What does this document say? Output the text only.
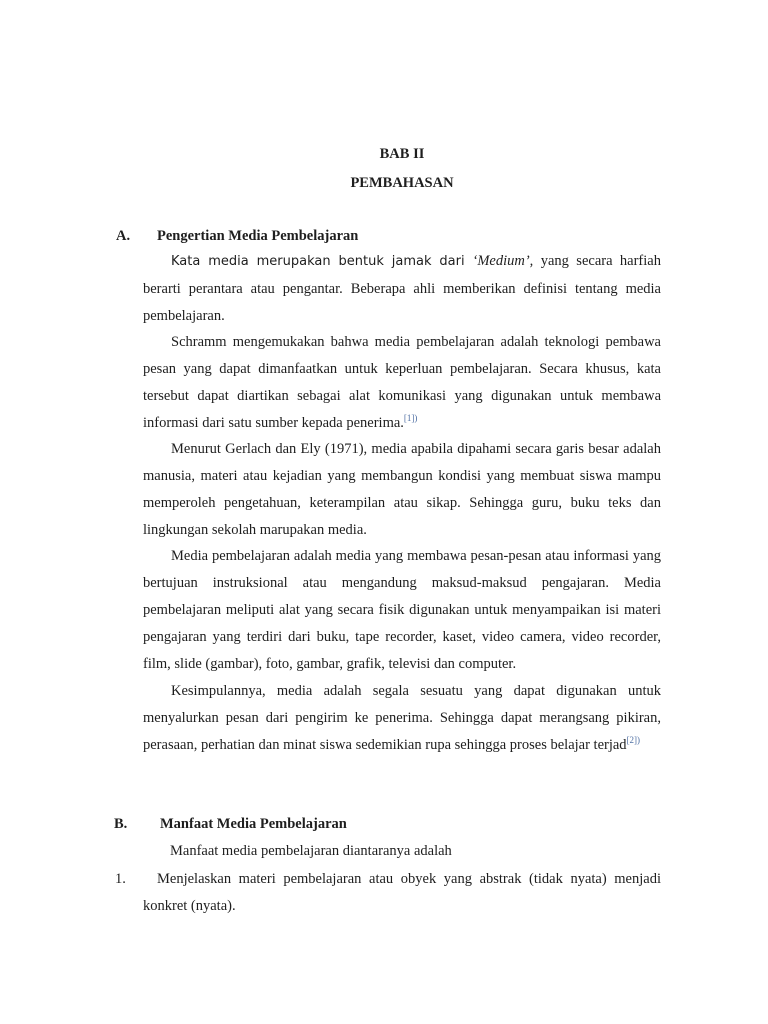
BAB II
PEMBAHASAN
A. Pengertian Media Pembelajaran
Kata media merupakan bentuk jamak dari ‘Medium’, yang secara harfiah berarti perantara atau pengantar. Beberapa ahli memberikan definisi tentang media pembelajaran.
Schramm mengemukakan bahwa media pembelajaran adalah teknologi pembawa pesan yang dapat dimanfaatkan untuk keperluan pembelajaran. Secara khusus, kata tersebut dapat diartikan sebagai alat komunikasi yang digunakan untuk membawa informasi dari satu sumber kepada penerima.$^{[1])}$
Menurut Gerlach dan Ely (1971), media apabila dipahami secara garis besar adalah manusia, materi atau kejadian yang membangun kondisi yang membuat siswa mampu memperoleh pengetahuan, keterampilan atau sikap. Sehingga guru, buku teks dan lingkungan sekolah marupakan media.
Media pembelajaran adalah media yang membawa pesan-pesan atau informasi yang bertujuan instruksional atau mengandung maksud-maksud pengajaran. Media pembelajaran meliputi alat yang secara fisik digunakan untuk menyampaikan isi materi pengajaran yang terdiri dari buku, tape recorder, kaset, video camera, video recorder, film, slide (gambar), foto, gambar, grafik, televisi dan computer.
Kesimpulannya, media adalah segala sesuatu yang dapat digunakan untuk menyalurkan pesan dari pengirim ke penerima. Sehingga dapat merangsang pikiran, perasaan, perhatian dan minat siswa sedemikian rupa sehingga proses belajar terjad$^{[2])}$
B. Manfaat Media Pembelajaran
Manfaat media pembelajaran diantaranya adalah
1. Menjelaskan materi pembelajaran atau obyek yang abstrak (tidak nyata) menjadi
konkret (nyata).
